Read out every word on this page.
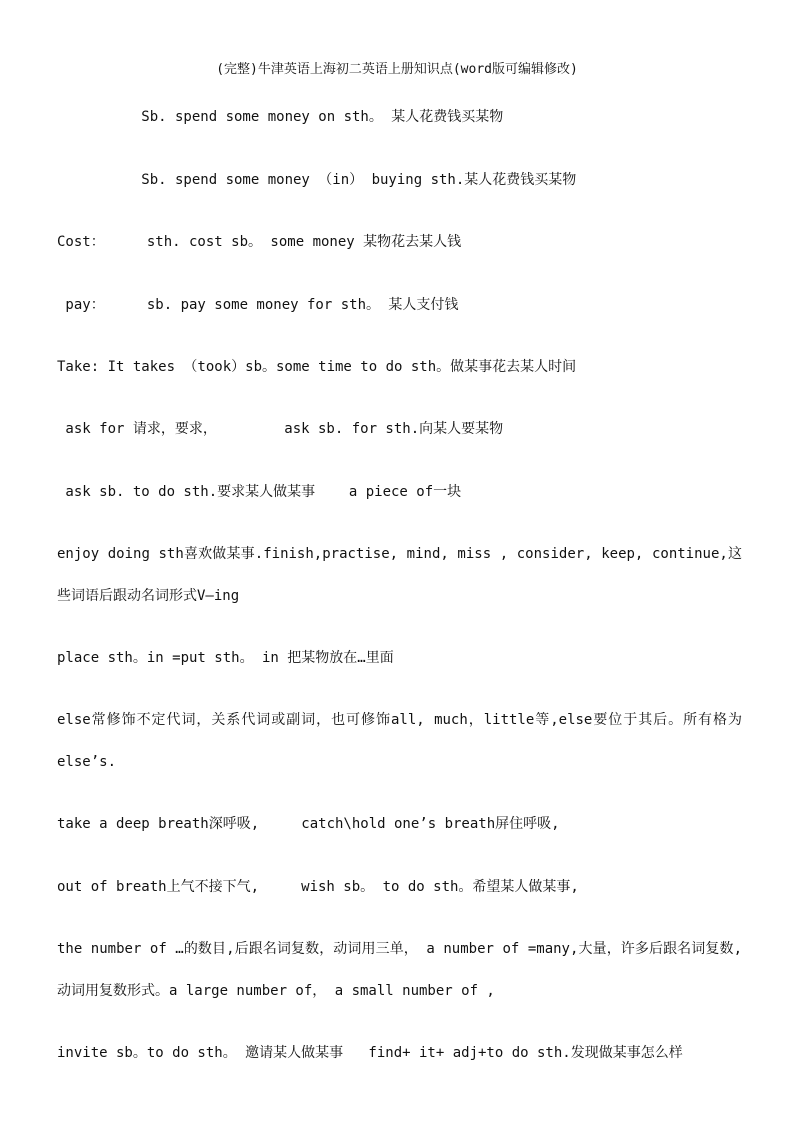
(完整)牛津英语上海初二英语上册知识点(word版可编辑修改)
Sb. spend some money on sth。 某人花费钱买某物
Sb. spend some money （in） buying sth.某人花费钱买某物
Cost：     sth. cost sb。 some money 某物花去某人钱
pay：     sb. pay some money for sth。 某人支付钱
Take: It takes （took）sb。some time to do sth。做某事花去某人时间
ask for 请求，要求，        ask sb. for sth.向某人要某物
ask sb. to do sth.要求某人做某事    a piece of一块
enjoy doing sth喜欢做某事.finish,practise, mind, miss , consider, keep, continue,这些词语后跟动名词形式V—ing
place sth。in =put sth。 in 把某物放在…里面
else常修饰不定代词，关系代词或副词，也可修饰all, much，little等,else要位于其后。所有格为else’s.
take a deep breath深呼吸,     catch\hold one’s breath屏住呼吸,
out of breath上气不接下气,     wish sb。 to do sth。希望某人做某事,
the number of …的数目,后跟名词复数，动词用三单， a number of =many,大量，许多后跟名词复数,动词用复数形式。a large number of， a small number of ,
invite sb。to do sth。 邀请某人做某事   find+ it+ adj+to do sth.发现做某事怎么样
